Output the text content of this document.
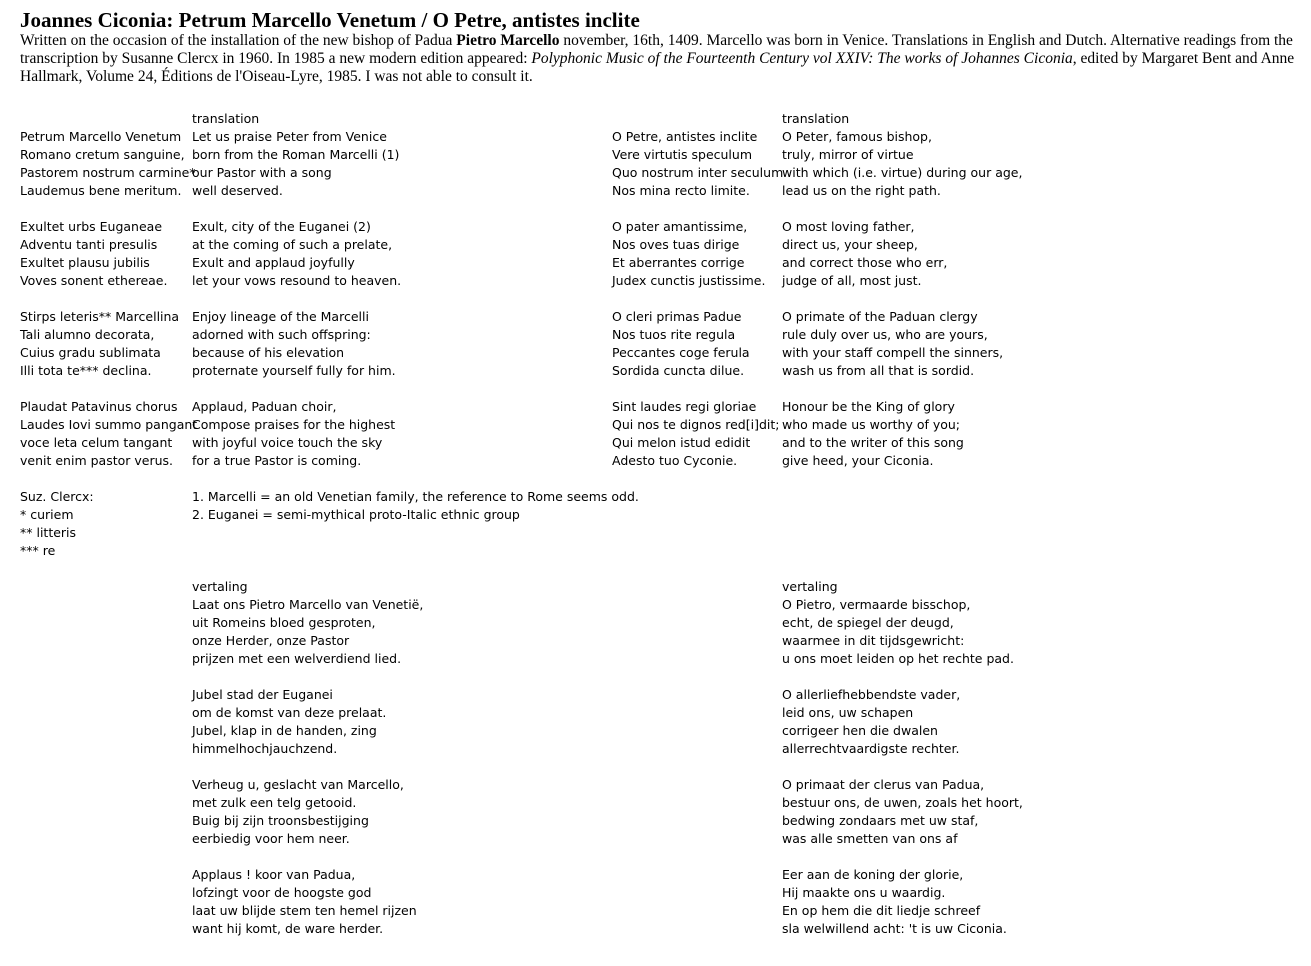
Joannes Ciconia: Petrum Marcello Venetum / O Petre, antistes inclite

Written on the occasion of the installation of the new bishop of Padua Pietro Marcello november, 16th, 1409. Marcello was born in Venice. Translations in English and Dutch. Alternative readings from the transcription by Susanne Clercx in 1960. In 1985 a new modern edition appeared: Polyphonic Music of the Fourteenth Century vol XXIV: The works of Johannes Ciconia, edited by Margaret Bent and Anne Hallmark, Volume 24, Éditions de l'Oiseau-Lyre, 1985. I was not able to consult it.

Petrum Marcello Venetum
Romano cretum sanguine,
Pastorem nostrum carmine*
Laudemus bene meritum.
Exultet urbs Euganeae
Adventu tanti presulis
Exultet plausu jubilis
Voves sonent ethereae.
Stirps leteris** Marcellina
Tali alumno decorata,
Cuius gradu sublimata
Illi tota te*** declina.
Plaudat Patavinus chorus
Laudes Iovi summo pangant
voce leta celum tangant
venit enim pastor verus.
Suz. Clercx:
* curiem
** litteris
*** re
translation
Let us praise Peter from Venice
born from the Roman Marcelli (1)
our Pastor with a song
well deserved.
Exult, city of the Euganei (2)
at the coming of such a prelate,
Exult and applaud joyfully
let your vows resound to heaven.
Enjoy lineage of the Marcelli
adorned with such offspring:
because of his elevation
proternate yourself fully for him.
Applaud, Paduan choir,
Compose praises for the highest
with joyful voice touch the sky
for a true Pastor is coming.
1. Marcelli = an old Venetian family, the reference to Rome seems odd.
2. Euganei = semi-mythical proto-Italic ethnic group
vertaling
Laat ons Pietro Marcello van Venetië,
uit Romeins bloed gesproten,
onze Herder, onze Pastor
prijzen met een welverdiend lied.
Jubel stad der Euganei
om de komst van deze prelaat.
Jubel, klap in de handen, zing
himmelhochjauchzend.
Verheug u, geslacht van Marcello,
met zulk een telg getooid.
Buig bij zijn troonsbestijging
eerbiedig voor hem neer.
Applaus ! koor van Padua,
lofzingt voor de hoogste god
laat uw blijde stem ten hemel rijzen
want hij komt, de ware herder.
O Petre, antistes inclite
Vere virtutis speculum
Quo nostrum inter seculum
Nos mina recto limite.
O pater amantissime,
Nos oves tuas dirige
Et aberrantes corrige
Judex cunctis justissime.
O cleri primas Padue
Nos tuos rite regula
Peccantes coge ferula
Sordida cuncta dilue.
Sint laudes regi gloriae
Qui nos te dignos red[i]dit;
Qui melon istud edidit
Adesto tuo Cyconie.
translation
O Peter, famous bishop,
truly, mirror of virtue
with which (i.e. virtue) during our age,
lead us on the right path.
O most loving father,
direct us, your sheep,
and correct those who err,
judge of all, most just.
O primate of the Paduan clergy
rule duly over us, who are yours,
with your staff compell the sinners,
wash us from all that is sordid.
Honour be the King of glory
who made us worthy of you;
and to the writer of this song
give heed, your Ciconia.
vertaling
O Pietro, vermaarde bisschop,
echt, de spiegel der deugd,
waarmee in dit tijdsgewricht:
u ons moet leiden op het rechte pad.
O allerliefhebbendste vader,
leid ons, uw schapen
corrigeer hen die dwalen
allerrechtvaardigste rechter.
O primaat der clerus van Padua,
bestuur ons, de uwen, zoals het hoort,
bedwing zondaars met uw staf,
was alle smetten van ons af
Eer aan de koning der glorie,
Hij maakte ons u waardig.
En op hem die dit liedje schreef
sla welwillend acht: 't is uw Ciconia.
